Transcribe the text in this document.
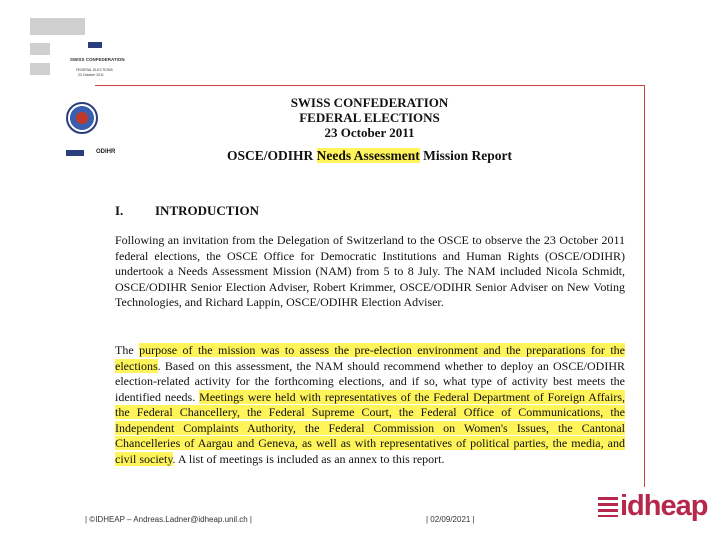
SWISS CONFEDERATION
FEDERAL ELECTIONS
23 October 2011
ODIHR
SWISS CONFEDERATION
FEDERAL ELECTIONS
23 October 2011
OSCE/ODIHR Needs Assessment Mission Report
I. INTRODUCTION
Following an invitation from the Delegation of Switzerland to the OSCE to observe the 23 October 2011 federal elections, the OSCE Office for Democratic Institutions and Human Rights (OSCE/ODIHR) undertook a Needs Assessment Mission (NAM) from 5 to 8 July. The NAM included Nicola Schmidt, OSCE/ODIHR Senior Election Adviser, Robert Krimmer, OSCE/ODIHR Senior Adviser on New Voting Technologies, and Richard Lappin, OSCE/ODIHR Election Adviser.
The purpose of the mission was to assess the pre-election environment and the preparations for the elections. Based on this assessment, the NAM should recommend whether to deploy an OSCE/ODIHR election-related activity for the forthcoming elections, and if so, what type of activity best meets the identified needs. Meetings were held with representatives of the Federal Department of Foreign Affairs, the Federal Chancellery, the Federal Supreme Court, the Federal Office of Communications, the Independent Complaints Authority, the Federal Commission on Women's Issues, the Cantonal Chancelleries of Aargau and Geneva, as well as with representatives of political parties, the media, and civil society. A list of meetings is included as an annex to this report.
| ©IDHEAP – Andreas.Ladner@idheap.unil.ch |	| 02/09/2021 |	idheap
